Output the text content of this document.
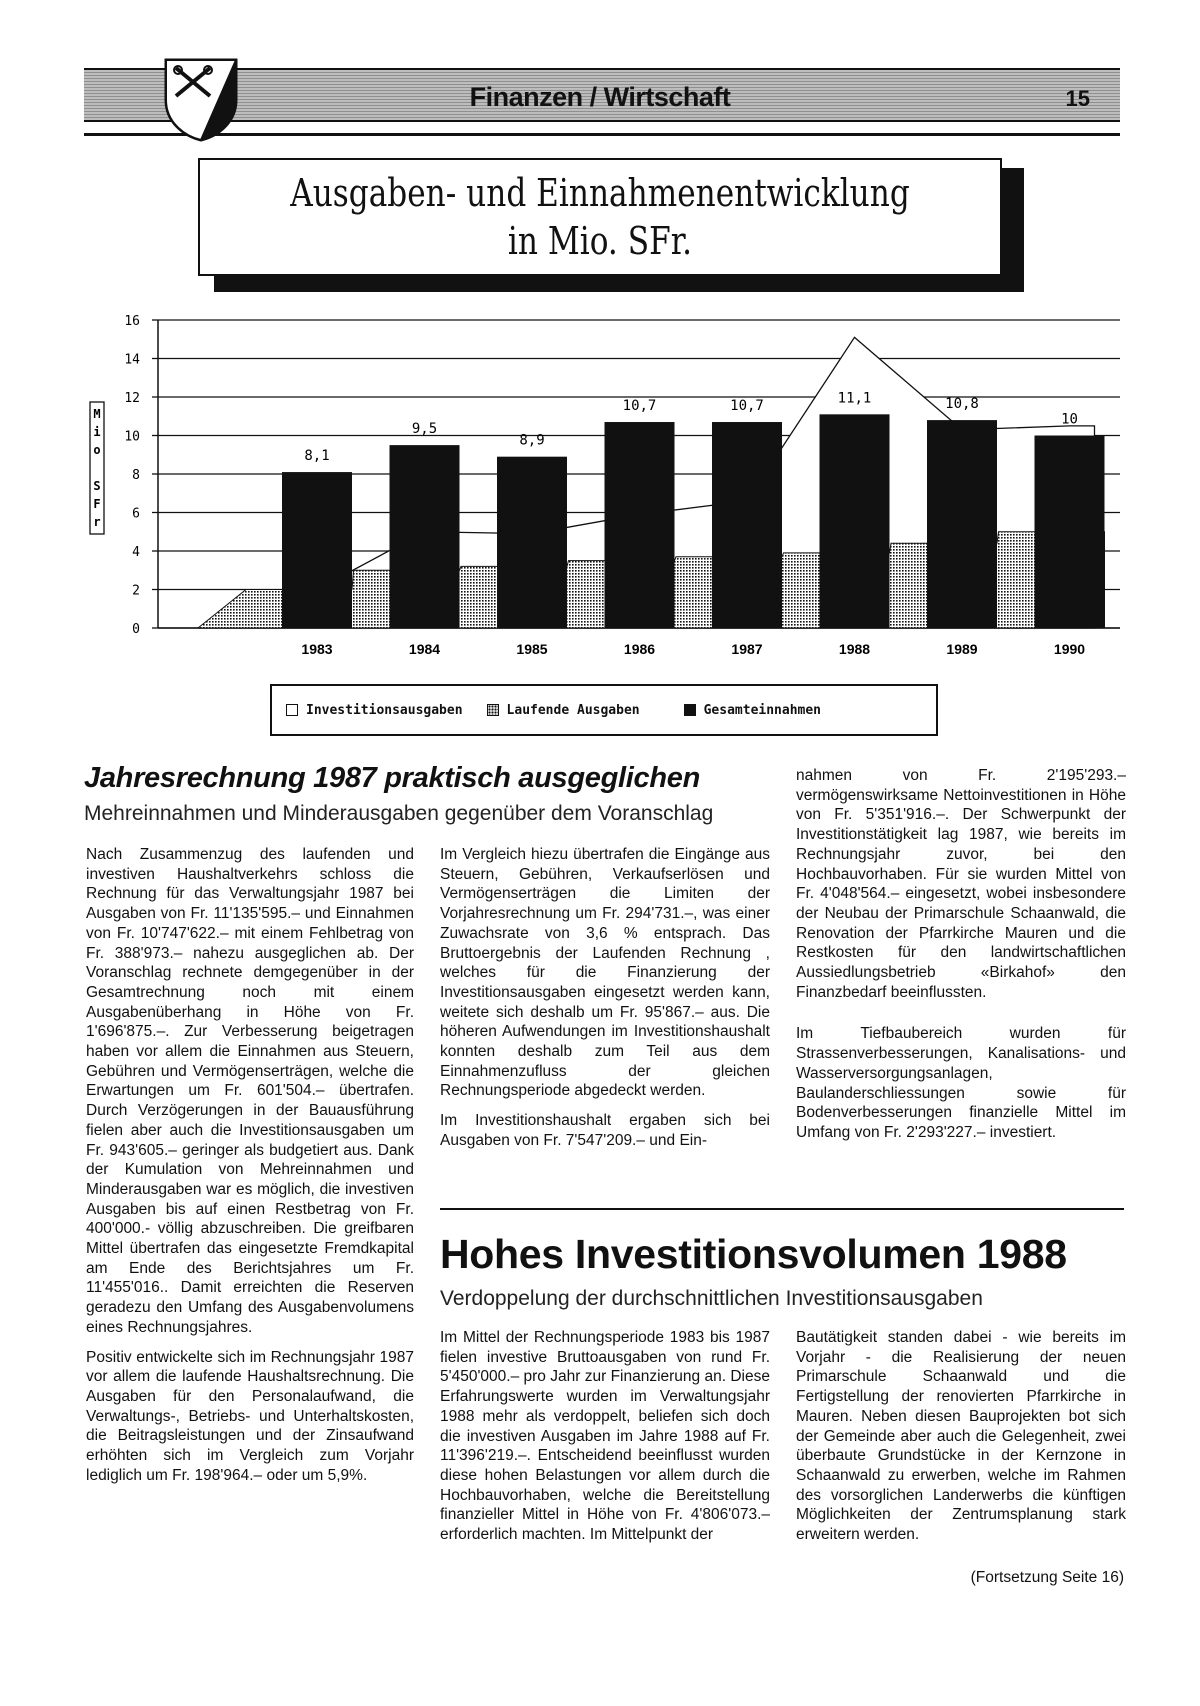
Finanzen / Wirtschaft	15
Ausgaben- und Einnahmenentwicklung in Mio. SFr.
0
2
4
6
8
10
12
14
16
M
i
o
S
F
r
8,1
1983
9,5
1984
8,9
1985
10,7
1986
10,7
1987
11,1
1988
10,8
1989
10
1990
Investitionsausgaben	Laufende Ausgaben	Gesamteinnahmen
Jahresrechnung 1987 praktisch ausgeglichen
Mehreinnahmen und Minderausgaben gegenüber dem Voranschlag

Nach Zusammenzug des laufenden und investiven Haushaltverkehrs schloss die Rechnung für das Verwaltungsjahr 1987 bei Ausgaben von Fr. 11'135'595.– und Einnahmen von Fr. 10'747'622.– mit einem Fehlbetrag von Fr. 388'973.– nahezu ausgeglichen ab. Der Voranschlag rechnete demgegenüber in der Gesamtrechnung noch mit einem Ausgabenüberhang in Höhe von Fr. 1'696'875.–. Zur Verbesserung beigetragen haben vor allem die Einnahmen aus Steuern, Gebühren und Vermögenserträgen, welche die Erwartungen um Fr. 601'504.– übertrafen. Durch Verzögerungen in der Bauausführung fielen aber auch die Investitionsausgaben um Fr. 943'605.– geringer als budgetiert aus. Dank der Kumulation von Mehreinnahmen und Minderausgaben war es möglich, die investiven Ausgaben bis auf einen Restbetrag von Fr. 400'000.- völlig abzuschreiben. Die greifbaren Mittel übertrafen das eingesetzte Fremdkapital am Ende des Berichtsjahres um Fr. 11'455'016.. Damit erreichten die Reserven geradezu den Umfang des Ausgabenvolumens eines Rechnungsjahres.

Positiv entwickelte sich im Rechnungsjahr 1987 vor allem die laufende Haushaltsrechnung. Die Ausgaben für den Personalaufwand, die Verwaltungs-, Betriebs- und Unterhaltskosten, die Beitragsleistungen und der Zinsaufwand erhöhten sich im Vergleich zum Vorjahr lediglich um Fr. 198'964.– oder um 5,9%.

Im Vergleich hiezu übertrafen die Eingänge aus Steuern, Gebühren, Verkaufserlösen und Vermögenserträgen die Limiten der Vorjahresrechnung um Fr. 294'731.–, was einer Zuwachsrate von 3,6 % entsprach. Das Bruttoergebnis der Laufenden Rechnung , welches für die Finanzierung der Investitionsausgaben eingesetzt werden kann, weitete sich deshalb um Fr. 95'867.– aus. Die höheren Aufwendungen im Investitionshaushalt konnten deshalb zum Teil aus dem Einnahmenzufluss der gleichen Rechnungsperiode abgedeckt werden.

Im Investitionshaushalt ergaben sich bei Ausgaben von Fr. 7'547'209.– und Ein-

nahmen von Fr. 2'195'293.– vermögenswirksame Nettoinvestitionen in Höhe von Fr. 5'351'916.–. Der Schwerpunkt der Investitionstätigkeit lag 1987, wie bereits im Rechnungsjahr zuvor, bei den Hochbauvorhaben. Für sie wurden Mittel von Fr. 4'048'564.– eingesetzt, wobei insbesondere der Neubau der Primarschule Schaanwald, die Renovation der Pfarrkirche Mauren und die Restkosten für den landwirtschaftlichen Aussiedlungsbetrieb «Birkahof» den Finanzbedarf beeinflussten.

Im Tiefbaubereich wurden für Strassenverbesserungen, Kanalisations- und Wasserversorgungsanlagen, Baulanderschliessungen sowie für Bodenverbesserungen finanzielle Mittel im Umfang von Fr. 2'293'227.– investiert.

Hohes Investitionsvolumen 1988
Verdoppelung der durchschnittlichen Investitionsausgaben

Im Mittel der Rechnungsperiode 1983 bis 1987 fielen investive Bruttoausgaben von rund Fr. 5'450'000.– pro Jahr zur Finanzierung an. Diese Erfahrungswerte wurden im Verwaltungsjahr 1988 mehr als verdoppelt, beliefen sich doch die investiven Ausgaben im Jahre 1988 auf Fr. 11'396'219.–. Entscheidend beeinflusst wurden diese hohen Belastungen vor allem durch die Hochbauvorhaben, welche die Bereitstellung finanzieller Mittel in Höhe von Fr. 4'806'073.– erforderlich machten. Im Mittelpunkt der

Bautätigkeit standen dabei - wie bereits im Vorjahr - die Realisierung der neuen Primarschule Schaanwald und die Fertigstellung der renovierten Pfarrkirche in Mauren. Neben diesen Bauprojekten bot sich der Gemeinde aber auch die Gelegenheit, zwei überbaute Grundstücke in der Kernzone in Schaanwald zu erwerben, welche im Rahmen des vorsorglichen Landerwerbs die künftigen Möglichkeiten der Zentrumsplanung stark erweitern werden.

(Fortsetzung Seite 16)
